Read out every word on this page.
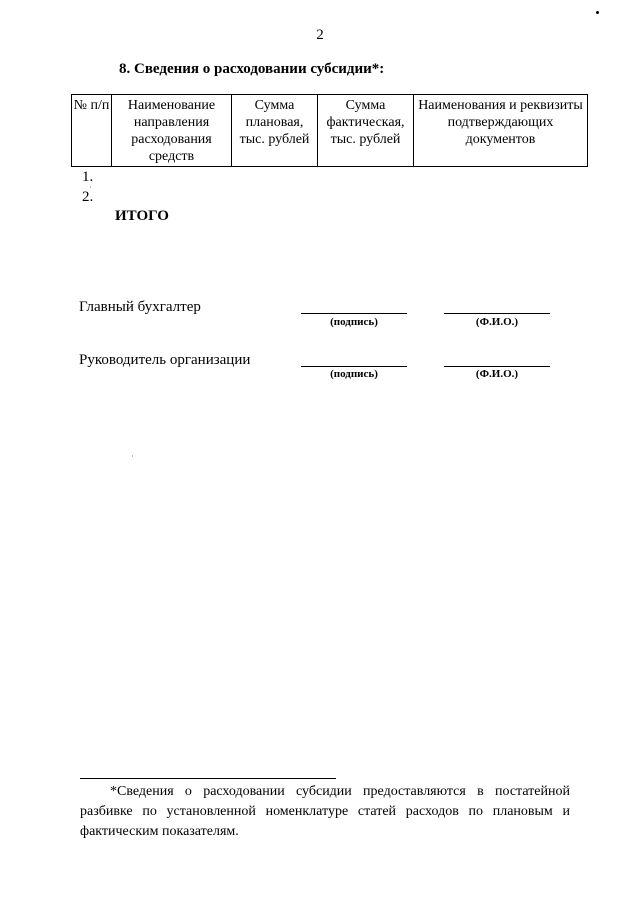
2
8. Сведения о расходовании субсидии*:
№ п/п	Наименование направления расходования средств	Сумма плановая, тыс. рублей	Сумма фактическая, тыс. рублей	Наименования и реквизиты подтверждающих документов
1.
2.
ИТОГО
Главный бухгалтер
(подпись)	(Ф.И.О.)
Руководитель организации
(подпись)	(Ф.И.О.)
*Сведения о расходовании субсидии предоставляются в постатейной разбивке по установленной номенклатуре статей расходов по плановым и фактическим показателям.
